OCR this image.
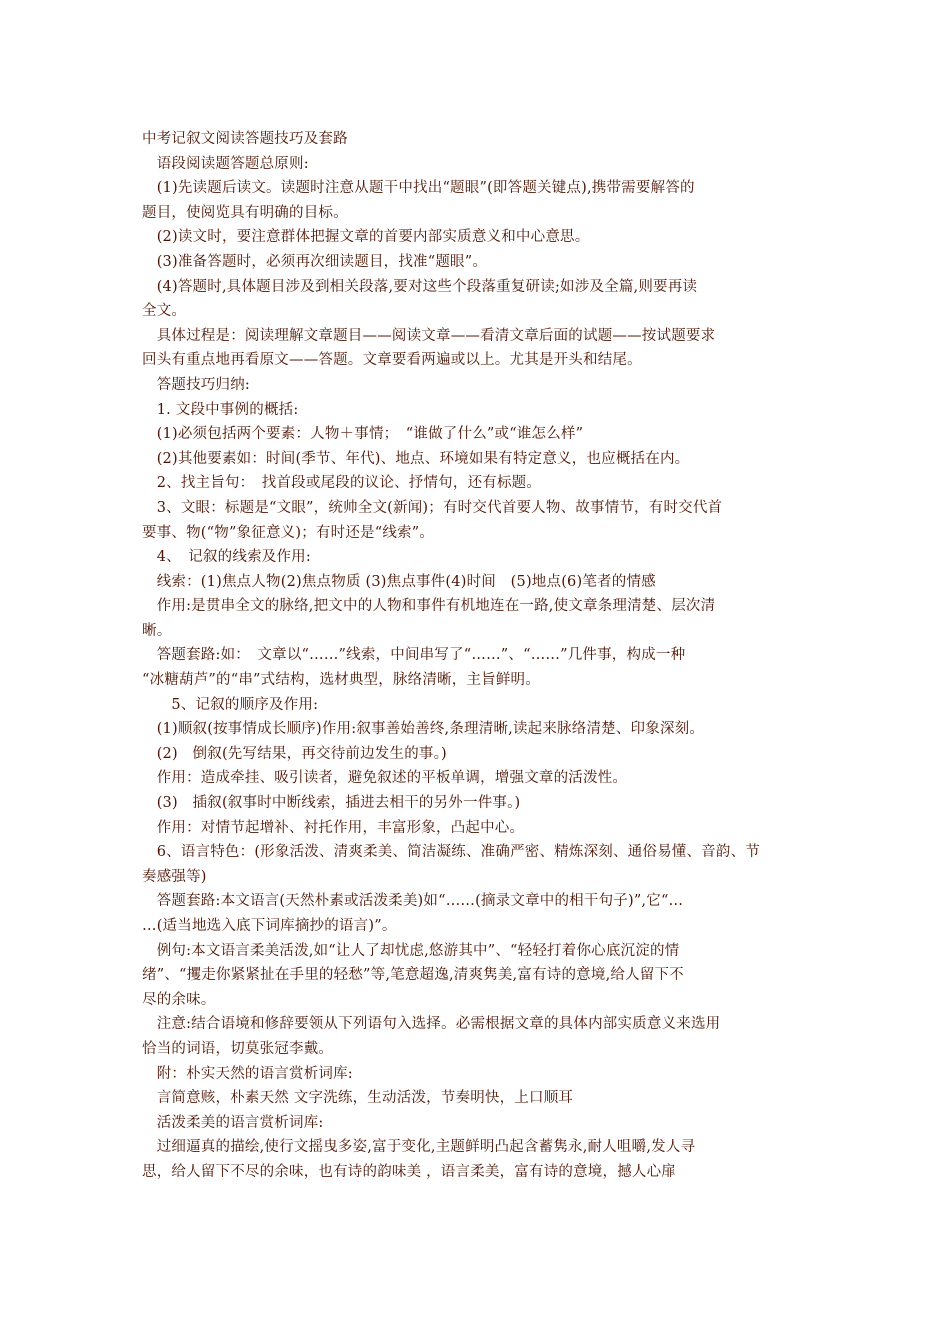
中考记叙文阅读答题技巧及套路
　语段阅读题答题总原则:
　(1)先读题后读文。读题时注意从题干中找出“题眼”(即答题关键点),携带需要解答的
题目，使阅览具有明确的目标。
　(2)读文时，要注意群体把握文章的首要内部实质意义和中心意思。
　(3)准备答题时，必须再次细读题目，找准“题眼”。
　(4)答题时,具体题目涉及到相关段落,要对这些个段落重复研读;如涉及全篇,则要再读
全文。
　具体过程是：阅读理解文章题目——阅读文章——看清文章后面的试题——按试题要求
回头有重点地再看原文——答题。文章要看两遍或以上。尤其是开头和结尾。
　答题技巧归纳:
　1. 文段中事例的概括:
　(1)必须包括两个要素：人物＋事情；　“谁做了什么”或“谁怎么样”
　(2)其他要素如：时间(季节、年代)、地点、环境如果有特定意义，也应概括在内。
　2、找主旨句：　找首段或尾段的议论、抒情句，还有标题。
　3、文眼：标题是“文眼”，统帅全文(新闻)；有时交代首要人物、故事情节，有时交代首
要事、物(“物”象征意义)；有时还是“线索”。
　4、　记叙的线索及作用:
　线索：(1)焦点人物(2)焦点物质 (3)焦点事件(4)时间　(5)地点(6)笔者的情感
　作用:是贯串全文的脉络,把文中的人物和事件有机地连在一路,使文章条理清楚、层次清
晰。
　答题套路:如：　文章以“……”线索，中间串写了“……”、“……”几件事，构成一种
“冰糖葫芦”的“串”式结构，选材典型，脉络清晰，主旨鲜明。
　　5、记叙的顺序及作用:
　(1)顺叙(按事情成长顺序)作用:叙事善始善终,条理清晰,读起来脉络清楚、印象深刻。
　(2)　倒叙(先写结果，再交待前边发生的事。)
　作用：造成牵挂、吸引读者，避免叙述的平板单调，增强文章的活泼性。
　(3)　插叙(叙事时中断线索，插进去相干的另外一件事。)
　作用：对情节起增补、衬托作用，丰富形象，凸起中心。
　6、语言特色：(形象活泼、清爽柔美、简洁凝练、准确严密、精炼深刻、通俗易懂、音韵、节
奏感强等)
　答题套路:本文语言(天然朴素或活泼柔美)如“……(摘录文章中的相干句子)”,它“…
…(适当地选入底下词库摘抄的语言)”。
　例句:本文语言柔美活泼,如“让人了却忧虑,悠游其中”、“轻轻打着你心底沉淀的情
绪”、“攫走你紧紧扯在手里的轻愁”等,笔意超逸,清爽隽美,富有诗的意境,给人留下不
尽的余味。
　注意:结合语境和修辞要领从下列语句入选择。必需根据文章的具体内部实质意义来选用
恰当的词语，切莫张冠李戴。
　附：朴实天然的语言赏析词库:
　言简意赅，朴素天然 文字洗练，生动活泼，节奏明快，上口顺耳
　活泼柔美的语言赏析词库:
　过细逼真的描绘,使行文摇曳多姿,富于变化,主题鲜明凸起含蓄隽永,耐人咀嚼,发人寻
思，给人留下不尽的余味，也有诗的韵味美 ，语言柔美，富有诗的意境，撼人心扉
